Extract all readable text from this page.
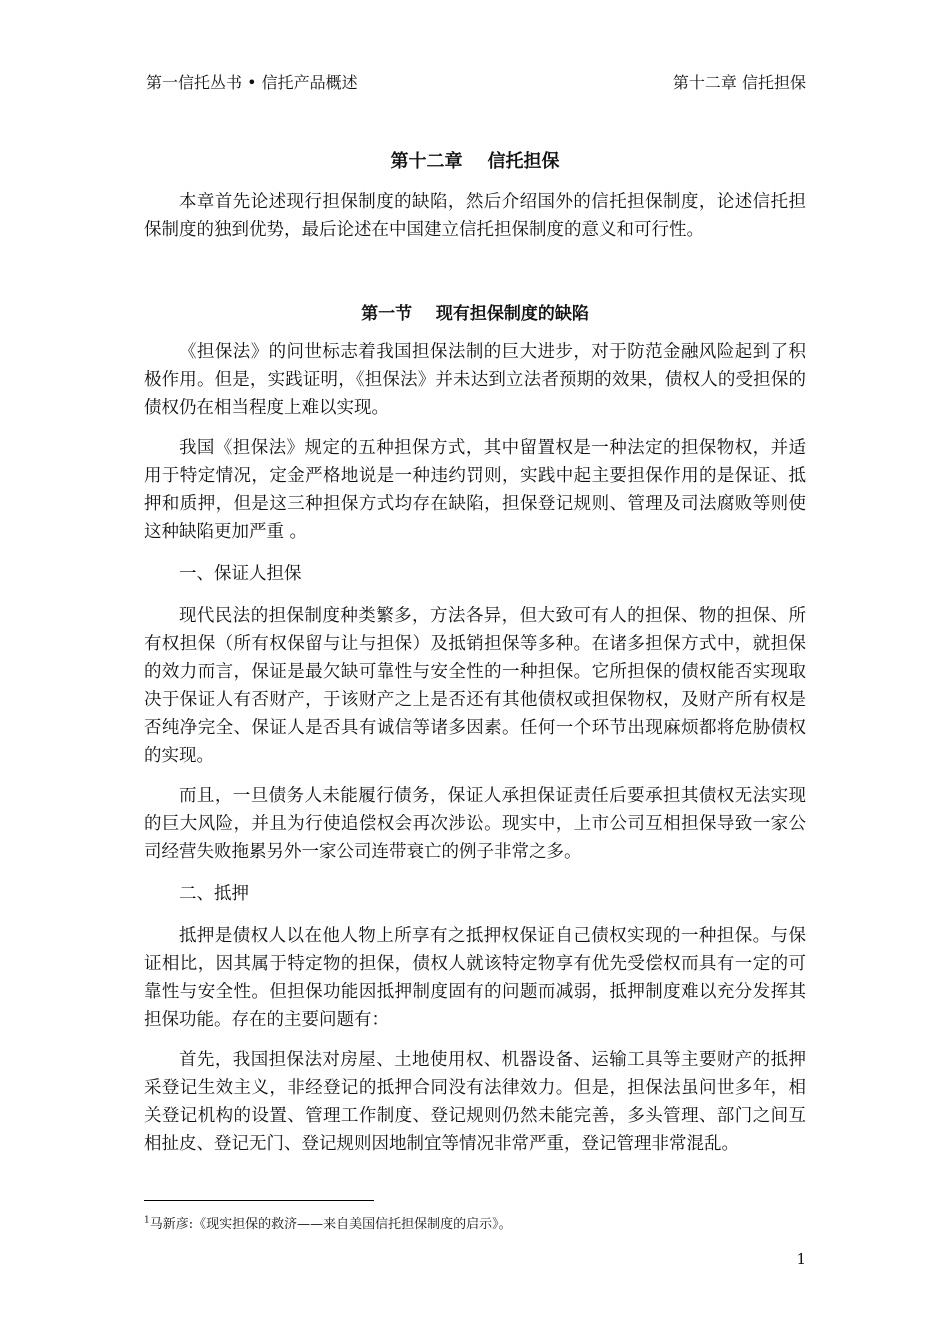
第一信托丛书 • 信托产品概述	第十二章 信托担保
第十二章    信托担保

本章首先论述现行担保制度的缺陷，然后介绍国外的信托担保制度，论述信托担保制度的独到优势，最后论述在中国建立信托担保制度的意义和可行性。

第一节    现有担保制度的缺陷

《担保法》的问世标志着我国担保法制的巨大进步，对于防范金融风险起到了积极作用。但是，实践证明，《担保法》并未达到立法者预期的效果，债权人的受担保的债权仍在相当程度上难以实现。

我国《担保法》规定的五种担保方式，其中留置权是一种法定的担保物权，并适用于特定情况，定金严格地说是一种违约罚则，实践中起主要担保作用的是保证、抵押和质押，但是这三种担保方式均存在缺陷，担保登记规则、管理及司法腐败等则使这种缺陷更加严重 。

一、保证人担保

现代民法的担保制度种类繁多，方法各异，但大致可有人的担保、物的担保、所有权担保（所有权保留与让与担保）及抵销担保等多种。在诸多担保方式中，就担保的效力而言，保证是最欠缺可靠性与安全性的一种担保。它所担保的债权能否实现取决于保证人有否财产，于该财产之上是否还有其他债权或担保物权，及财产所有权是否纯净完全、保证人是否具有诚信等诸多因素。任何一个环节出现麻烦都将危胁债权的实现。

而且，一旦债务人未能履行债务，保证人承担保证责任后要承担其债权无法实现的巨大风险，并且为行使追偿权会再次涉讼。现实中，上市公司互相担保导致一家公司经营失败拖累另外一家公司连带衰亡的例子非常之多。

二、抵押

抵押是债权人以在他人物上所享有之抵押权保证自己债权实现的一种担保。与保证相比，因其属于特定物的担保，债权人就该特定物享有优先受偿权而具有一定的可靠性与安全性。但担保功能因抵押制度固有的问题而减弱，抵押制度难以充分发挥其担保功能。存在的主要问题有：

首先，我国担保法对房屋、土地使用权、机器设备、运输工具等主要财产的抵押采登记生效主义，非经登记的抵押合同没有法律效力。但是，担保法虽问世多年，相关登记机构的设置、管理工作制度、登记规则仍然未能完善，多头管理、部门之间互相扯皮、登记无门、登记规则因地制宜等情况非常严重，登记管理非常混乱。

$^1$马新彦:《现实担保的救济——来自美国信托担保制度的启示》。
1
